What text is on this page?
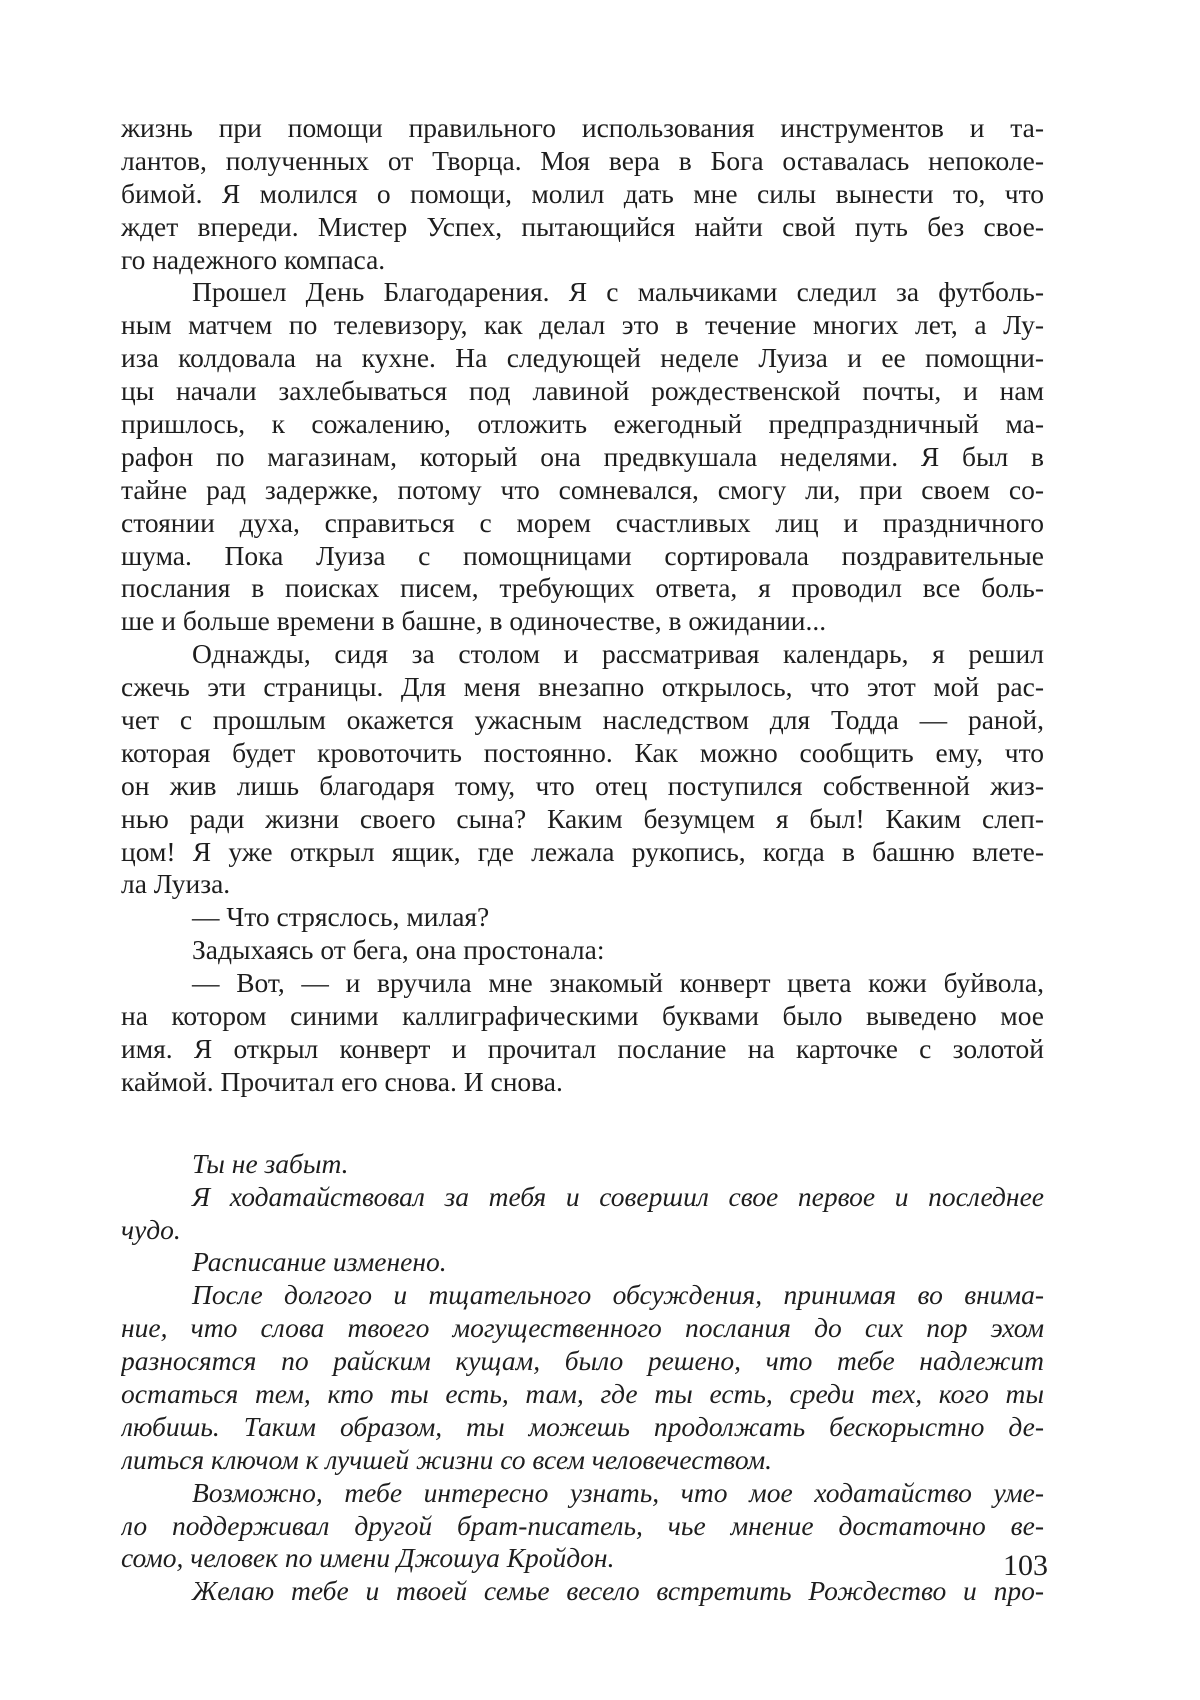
жизнь при помощи правильного использования инструментов и та-
лантов, полученных от Творца. Моя вера в Бога оставалась непоколе-
бимой. Я молился о помощи, молил дать мне силы вынести то, что
ждет впереди. Мистер Успех, пытающийся найти свой путь без свое-
го надежного компаса.
Прошел День Благодарения. Я с мальчиками следил за футболь-
ным матчем по телевизору, как делал это в течение многих лет, а Лу-
иза колдовала на кухне. На следующей неделе Луиза и ее помощни-
цы начали захлебываться под лавиной рождественской почты, и нам
пришлось, к сожалению, отложить ежегодный предпраздничный ма-
рафон по магазинам, который она предвкушала неделями. Я был в
тайне рад задержке, потому что сомневался, смогу ли, при своем со-
стоянии духа, справиться с морем счастливых лиц и праздничного
шума. Пока Луиза с помощницами сортировала поздравительные
послания в поисках писем, требующих ответа, я проводил все боль-
ше и больше времени в башне, в одиночестве, в ожидании...
Однажды, сидя за столом и рассматривая календарь, я решил
сжечь эти страницы. Для меня внезапно открылось, что этот мой рас-
чет с прошлым окажется ужасным наследством для Тодда — раной,
которая будет кровоточить постоянно. Как можно сообщить ему, что
он жив лишь благодаря тому, что отец поступился собственной жиз-
нью ради жизни своего сына? Каким безумцем я был! Каким слеп-
цом! Я уже открыл ящик, где лежала рукопись, когда в башню влете-
ла Луиза.
— Что стряслось, милая?
Задыхаясь от бега, она простонала:
— Вот, — и вручила мне знакомый конверт цвета кожи буйвола,
на котором синими каллиграфическими буквами было выведено мое
имя. Я открыл конверт и прочитал послание на карточке с золотой
каймой. Прочитал его снова. И снова.
Ты не забыт.
Я ходатайствовал за тебя и совершил свое первое и последнее
чудо.
Расписание изменено.
После долгого и тщательного обсуждения, принимая во внима-
ние, что слова твоего могущественного послания до сих пор эхом
разносятся по райским кущам, было решено, что тебе надлежит
остаться тем, кто ты есть, там, где ты есть, среди тех, кого ты
любишь. Таким образом, ты можешь продолжать бескорыстно де-
литься ключом к лучшей жизни со всем человечеством.
Возможно, тебе интересно узнать, что мое ходатайство уме-
ло поддерживал другой брат-писатель, чье мнение достаточно ве-
сомо, человек по имени Джошуа Кройдон.
Желаю тебе и твоей семье весело встретить Рождество и про-
103
